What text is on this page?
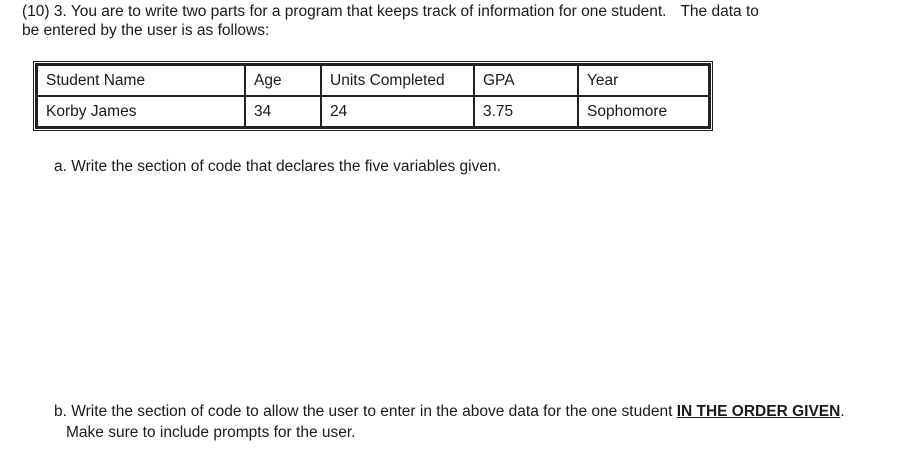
(10) 3. You are to write two parts for a program that keeps track of information for one student. The data to
be entered by the user is as follows:

Student Name	Age	Units Completed	GPA	Year
Korby James	34	24	3.75	Sophomore

a. Write the section of code that declares the five variables given.

b. Write the section of code to allow the user to enter in the above data for the one student IN THE ORDER GIVEN.Make sure to include prompts for the user.
